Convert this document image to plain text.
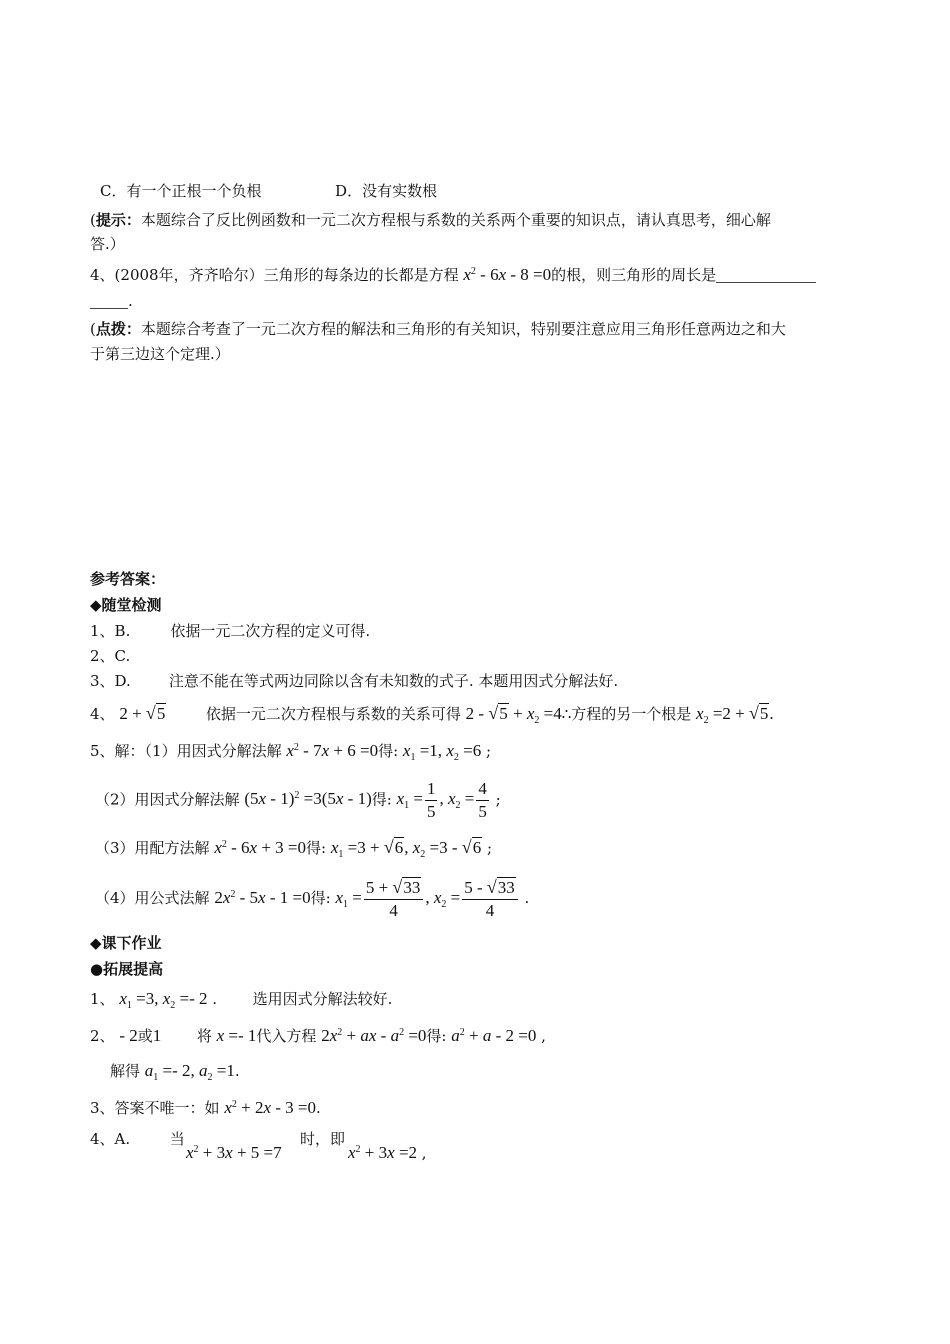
C．有一个正根一个负根	D．没有实数根
(提示：本题综合了反比例函数和一元二次方程根与系数的关系两个重要的知识点，请认真思考，细心解
答.）
4、(2008年，齐齐哈尔）三角形的每条边的长都是方程 $x^2 - 6x - 8 =0$的根，则三角形的周长是
.
(点拨：本题综合考查了一元二次方程的解法和三角形的有关知识，特别要注意应用三角形任意两边之和大
于第三边这个定理.）
参考答案：
◆随堂检测
1、B.	依据一元二次方程的定义可得.
2、C.
3、D.	注意不能在等式两边同除以含有未知数的式子. 本题用因式分解法好.
4、 2 + √5	依据一元二次方程根与系数的关系可得 $2 - √5 + x_2$ =4∴方程的另一个根是 $x_2 =2 + √5$.
5、解：（1）用因式分解法解 $x^2 - 7x + 6 =0$得: $x_1 =1$, $x_2 =6$ ;
（2）用因式分解法解 (5x - 1)$^2$ =3(5x - 1)得: $x_1 = \frac{1}{5}$ , $x_2 = \frac{4}{5}$ ;
（3）用配方法解 $x^2 - 6x + 3 =0$得: $x_1 =3 + √6$, $x_2 =3 - √6$ ;
（4）用公式法解 $2x^2 - 5x - 1 =0$得: $x_1 = \frac{5 + √33}{4}$ , $x_2 = \frac{5 - √33}{4}$ .
◆课下作业
●拓展提高
1、 $x_1 =3$, $x_2 =- 2$ .  选用因式分解法较好.
2、 - 2或1 将 x =- 1代入方程 $2x^2$ + ax - $a^2 =0$得: $a^2 + a - 2 =0$ ,
解得 $a_1 =- 2$, $a_2 =1$.
3、答案不唯一：如 $x^2 + 2x - 3 =0$.
4、A.	当
$x^2 + 3x + 5 =7$
时，即
$x^2 + 3x =2$ ,
